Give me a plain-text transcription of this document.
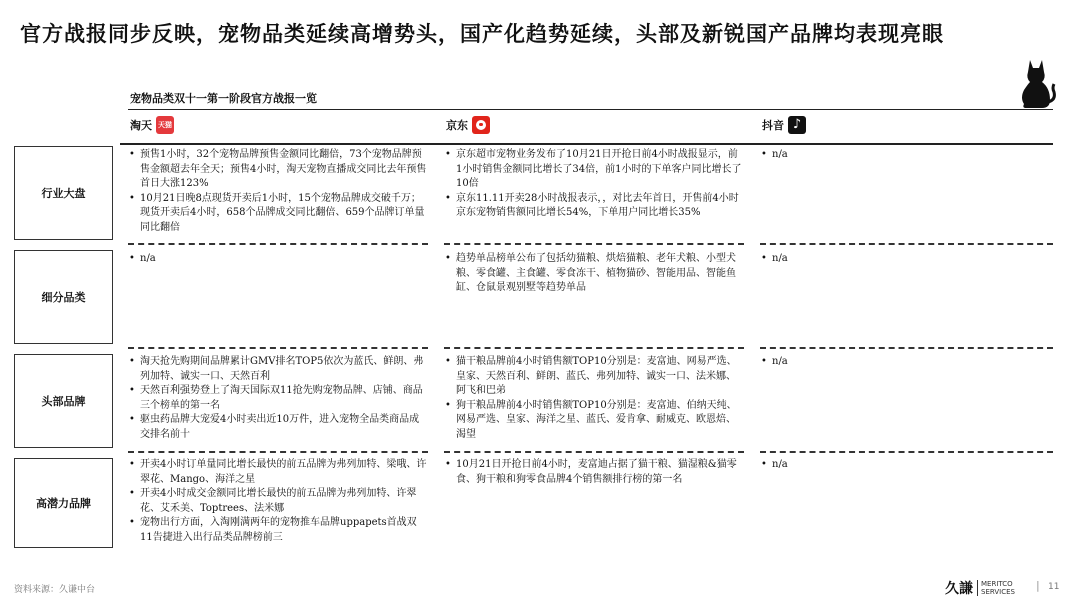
官方战报同步反映，宠物品类延续高增势头，国产化趋势延续，头部及新锐国产品牌均表现亮眼
宠物品类双十一第一阶段官方战报一览
淘天 天猫	京东	抖音 ♪
行业大盘
细分品类
头部品牌
高潜力品牌
• 预售1小时，32个宠物品牌预售金额同比翻倍，73个宠物品牌预售金额超去年全天；预售4小时，淘天宠物直播成交同比去年预售首日大涨123%
• 10月21日晚8点现货开卖后1小时，15个宠物品牌成交破千万；现货开卖后4小时，658个品牌成交同比翻倍、659个品牌订单量同比翻倍
• 京东超市宠物业务发布了10月21日开抢日前4小时战报显示，前1小时销售金额同比增长了34倍，前1小时的下单客户同比增长了10倍
• 京东11.11开卖28小时战报表示，，对比去年首日，开售前4小时京东宠物销售额同比增长54%，下单用户同比增长35%
• n/a
• n/a
•	趋势单品榜单公布了包括幼猫粮、烘焙猫粮、老年犬粮、小型犬粮、零食罐、主食罐、零食冻干、植物猫砂、智能用品、智能鱼缸、仓鼠景观别墅等趋势单品
• n/a
• 淘天抢先购期间品牌累计GMV排名TOP5依次为蓝氏、鲜朗、弗列加特、诚实一口、天然百利
• 天然百利强势登上了淘天国际双11抢先购宠物品牌、店铺、商品三个榜单的第一名
• 驱虫药品牌大宠爱4小时卖出近10万件，进入宠物全品类商品成交排名前十
• 猫干粮品牌前4小时销售额TOP10分别是：麦富迪、网易严选、皇家、天然百利、鲜朗、蓝氏、弗列加特、诚实一口、法米娜、阿飞和巴弟
• 狗干粮品牌前4小时销售额TOP10分别是：麦富迪、伯纳天纯、网易严选、皇家、海洋之星、蓝氏、爱肯拿、耐威克、欧恩焙、渴望
• n/a
• 开卖4小时订单量同比增长最快的前五品牌为弗列加特、梁哦、许翠花、Mango、海洋之星
• 开卖4小时成交金额同比增长最快的前五品牌为弗列加特、许翠花、艾禾美、Toptrees、法米娜
• 宠物出行方面，入淘刚满两年的宠物推车品牌uppapets首战双11告捷进入出行品类品牌榜前三
• 10月21日开抢日前4小时，麦富迪占据了猫干粮、猫湿粮&猫零食、狗干粮和狗零食品牌4个销售额排行榜的第一名
• n/a
资料来源：久谦中台	久謙	MERITCO
SERVICES | 11
